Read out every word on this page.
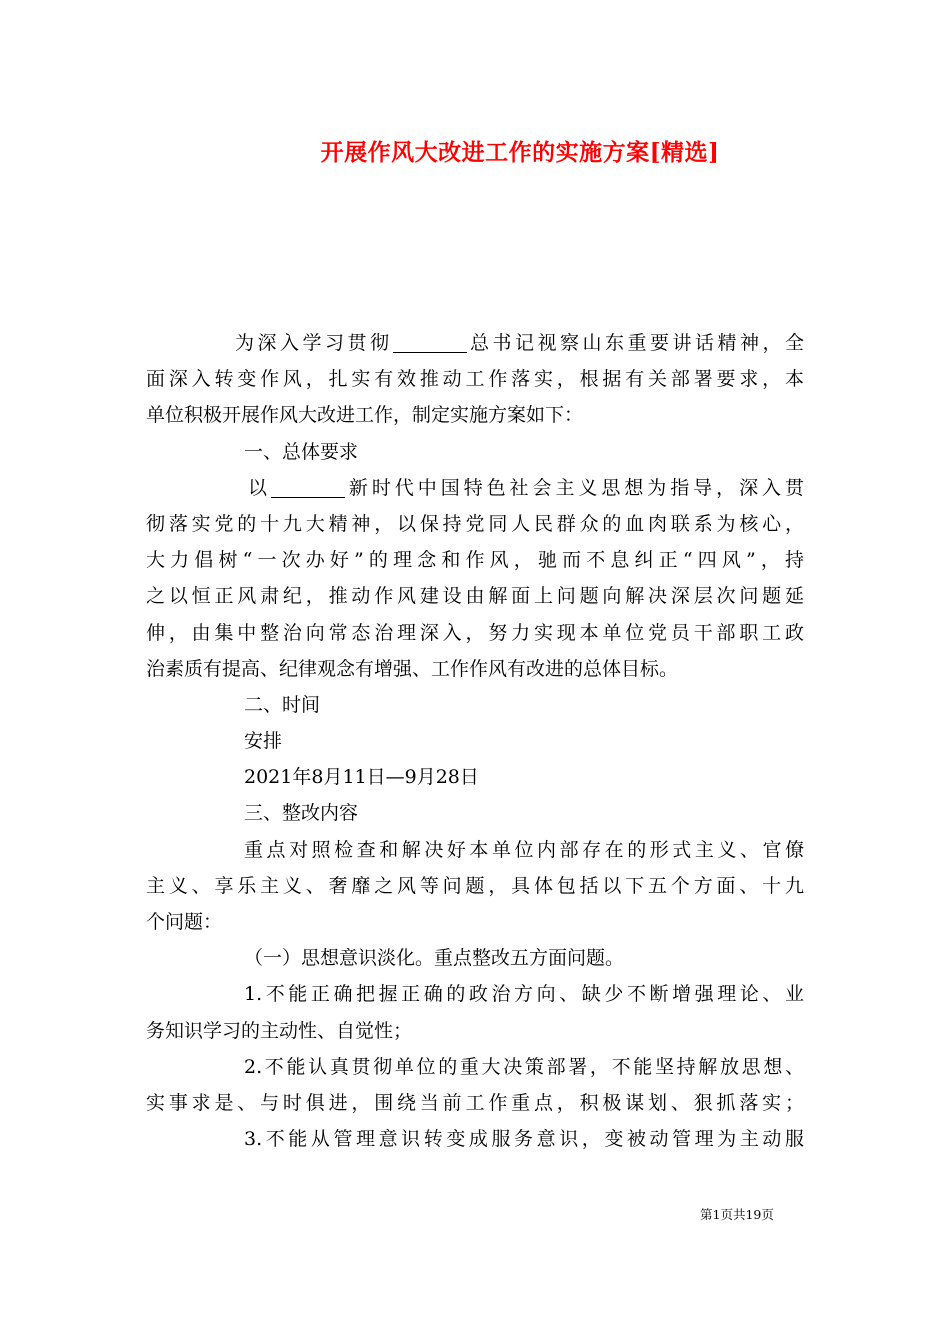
开展作风大改进工作的实施方案[精选]
为深入学习贯彻	总书记视察山东重要讲话精神，全
面深入转变作风，扎实有效推动工作落实，根据有关部署要求，本
单位积极开展作风大改进工作，制定实施方案如下：
一、总体要求
以	新时代中国特色社会主义思想为指导，深入贯
彻落实党的十九大精神，以保持党同人民群众的血肉联系为核心，
大力倡树“一次办好”的理念和作风，驰而不息纠正“四风”，持
之以恒正风肃纪，推动作风建设由解面上问题向解决深层次问题延
伸，由集中整治向常态治理深入，努力实现本单位党员干部职工政
治素质有提高、纪律观念有增强、工作作风有改进的总体目标。
二、时间
安排
2021年8月11日—9月28日
三、整改内容
重点对照检查和解决好本单位内部存在的形式主义、官僚
主义、享乐主义、奢靡之风等问题，具体包括以下五个方面、十九
个问题：
（一）思想意识淡化。重点整改五方面问题。
1.不能正确把握正确的政治方向、缺少不断增强理论、业
务知识学习的主动性、自觉性；
2.不能认真贯彻单位的重大决策部署，不能坚持解放思想、
实事求是、与时俱进，围绕当前工作重点，积极谋划、狠抓落实；
3.不能从管理意识转变成服务意识，变被动管理为主动服
第1页共19页
